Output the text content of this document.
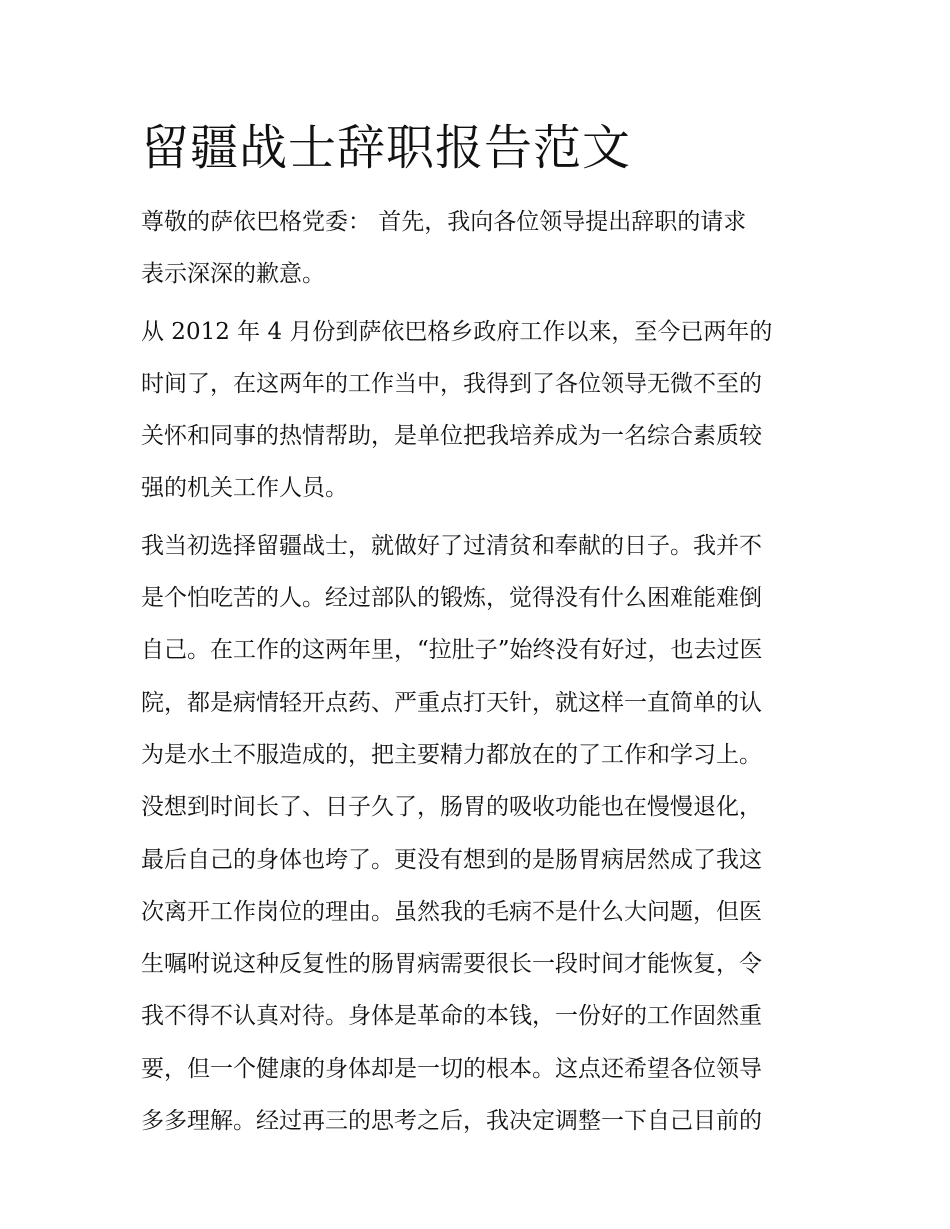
留疆战士辞职报告范文
尊敬的萨依巴格党委： 首先，我向各位领导提出辞职的请求
表示深深的歉意。
从 2012 年 4 月份到萨依巴格乡政府工作以来，至今已两年的
时间了，在这两年的工作当中，我得到了各位领导无微不至的
关怀和同事的热情帮助，是单位把我培养成为一名综合素质较
强的机关工作人员。
我当初选择留疆战士，就做好了过清贫和奉献的日子。我并不
是个怕吃苦的人。经过部队的锻炼，觉得没有什么困难能难倒
自己。在工作的这两年里，“拉肚子”始终没有好过，也去过医
院，都是病情轻开点药、严重点打天针，就这样一直简单的认
为是水土不服造成的，把主要精力都放在的了工作和学习上。
没想到时间长了、日子久了，肠胃的吸收功能也在慢慢退化，
最后自己的身体也垮了。更没有想到的是肠胃病居然成了我这
次离开工作岗位的理由。虽然我的毛病不是什么大问题，但医
生嘱咐说这种反复性的肠胃病需要很长一段时间才能恢复，令
我不得不认真对待。身体是革命的本钱，一份好的工作固然重
要，但一个健康的身体却是一切的根本。这点还希望各位领导
多多理解。经过再三的思考之后，我决定调整一下自己目前的
